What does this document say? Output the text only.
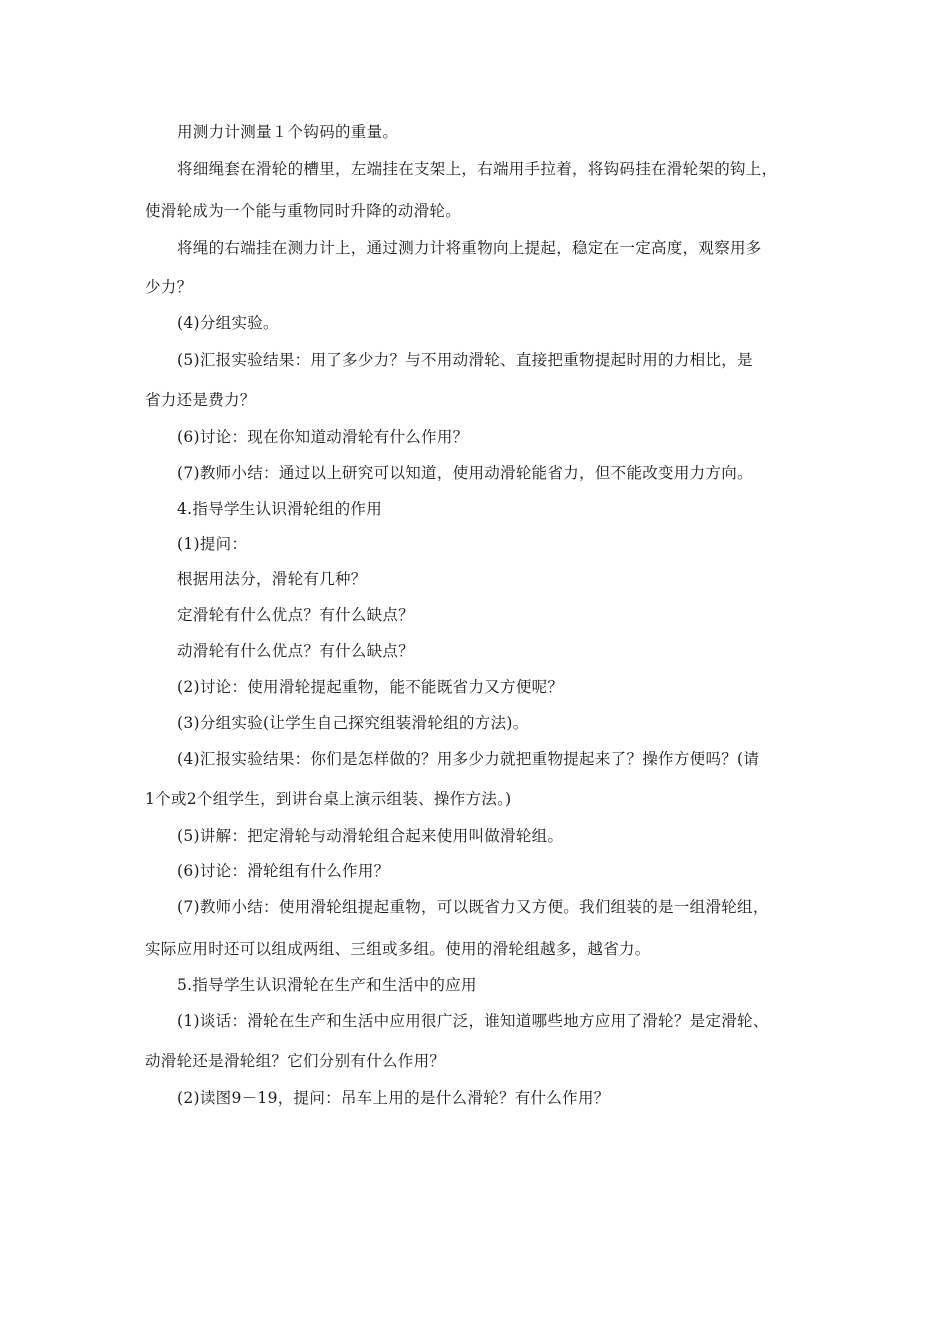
用测力计测量１个钩码的重量。
将细绳套在滑轮的槽里，左端挂在支架上，右端用手拉着，将钩码挂在滑轮架的钩上，
使滑轮成为一个能与重物同时升降的动滑轮。
将绳的右端挂在测力计上，通过测力计将重物向上提起，稳定在一定高度，观察用多
少力？
(4)分组实验。
(5)汇报实验结果：用了多少力？与不用动滑轮、直接把重物提起时用的力相比，是
省力还是费力？
(6)讨论：现在你知道动滑轮有什么作用？
(7)教师小结：通过以上研究可以知道，使用动滑轮能省力，但不能改变用力方向。
4.指导学生认识滑轮组的作用
(1)提问：
根据用法分，滑轮有几种？
定滑轮有什么优点？有什么缺点？
动滑轮有什么优点？有什么缺点？
(2)讨论：使用滑轮提起重物，能不能既省力又方便呢？
(3)分组实验(让学生自己探究组装滑轮组的方法)。
(4)汇报实验结果：你们是怎样做的？用多少力就把重物提起来了？操作方便吗？(请
1个或2个组学生，到讲台桌上演示组装、操作方法。)
(5)讲解：把定滑轮与动滑轮组合起来使用叫做滑轮组。
(6)讨论：滑轮组有什么作用？
(7)教师小结：使用滑轮组提起重物，可以既省力又方便。我们组装的是一组滑轮组，
实际应用时还可以组成两组、三组或多组。使用的滑轮组越多，越省力。
5.指导学生认识滑轮在生产和生活中的应用
(1)谈话：滑轮在生产和生活中应用很广泛，谁知道哪些地方应用了滑轮？是定滑轮、
动滑轮还是滑轮组？它们分别有什么作用？
(2)读图9－19，提问：吊车上用的是什么滑轮？有什么作用？
